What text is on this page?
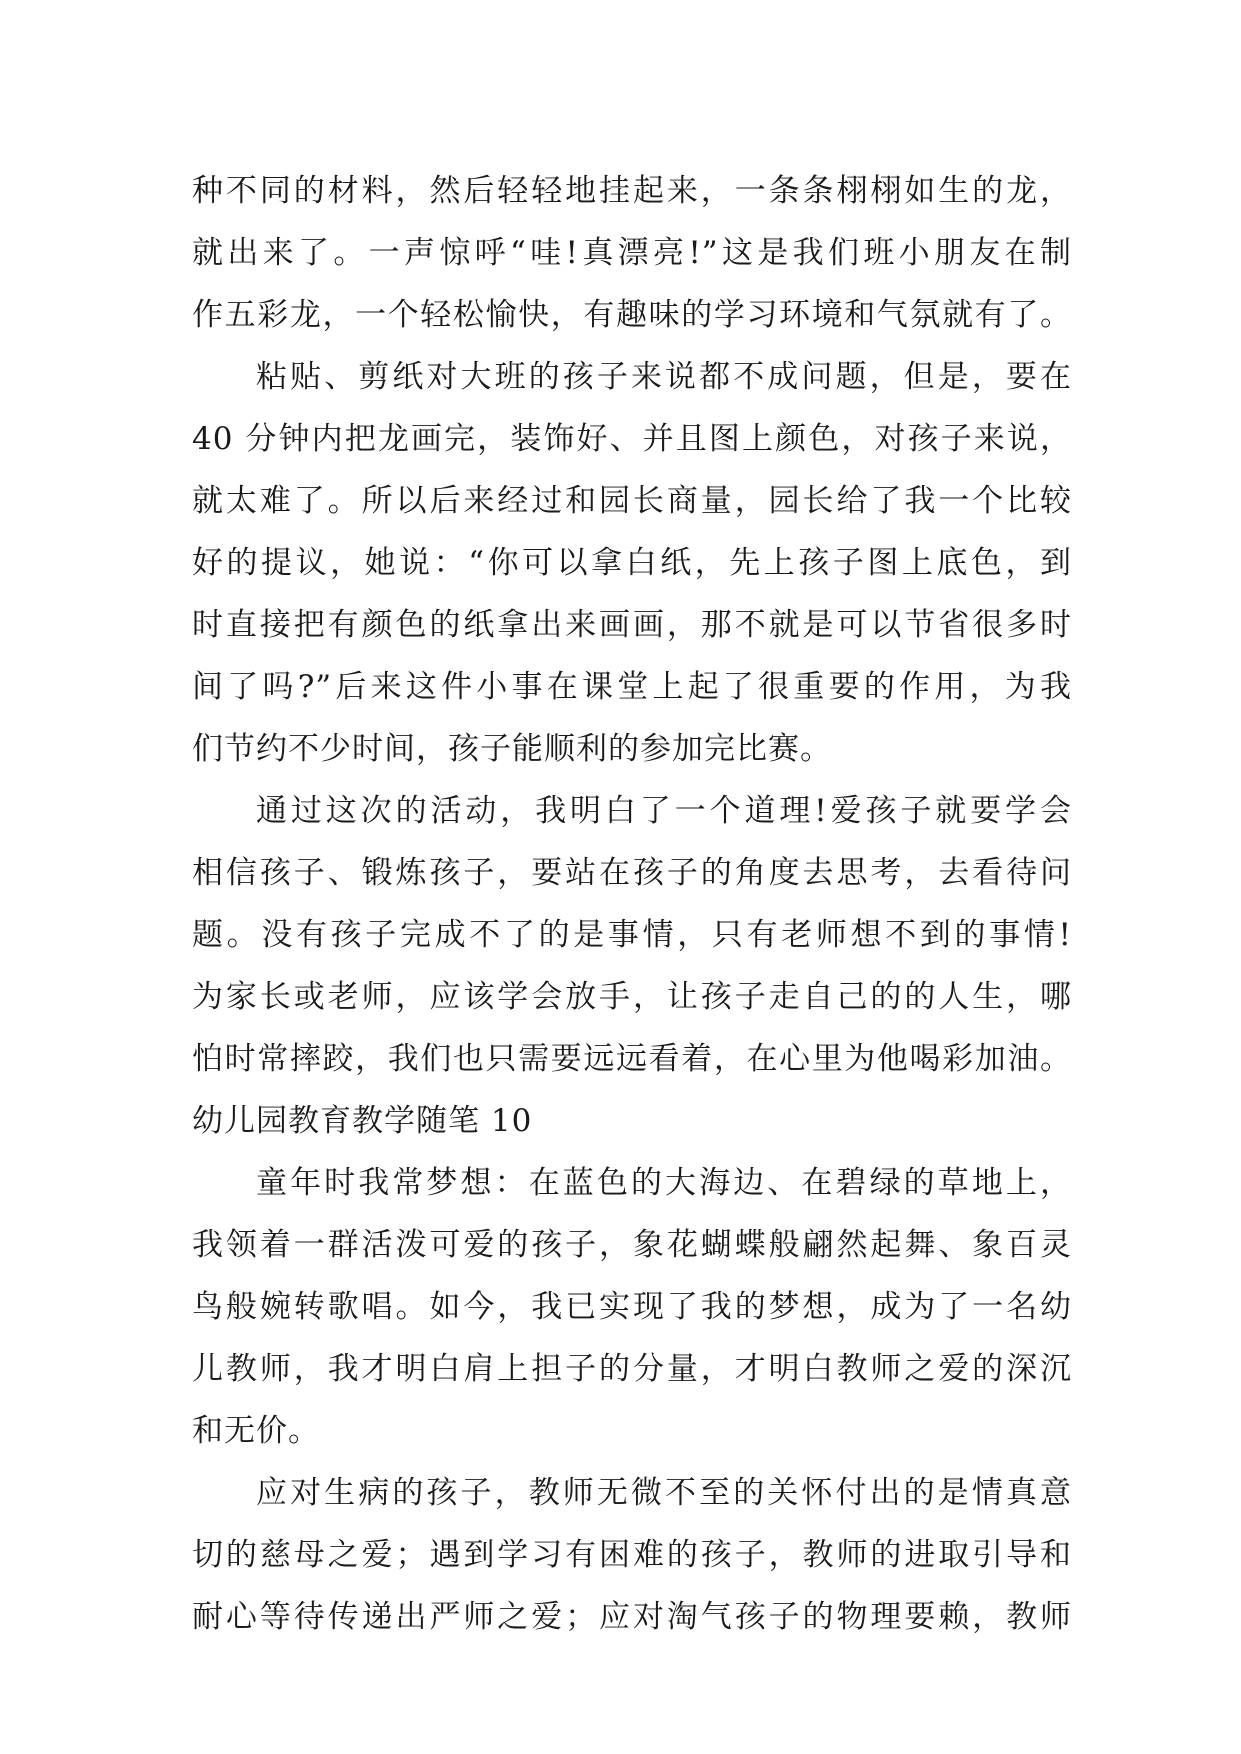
种不同的材料，然后轻轻地挂起来，一条条栩栩如生的龙，
就出来了。一声惊呼“哇!真漂亮!”这是我们班小朋友在制
作五彩龙，一个轻松愉快，有趣味的学习环境和气氛就有了。
粘贴、剪纸对大班的孩子来说都不成问题，但是，要在
40 分钟内把龙画完，装饰好、并且图上颜色，对孩子来说，
就太难了。所以后来经过和园长商量，园长给了我一个比较
好的提议，她说：“你可以拿白纸，先上孩子图上底色，到
时直接把有颜色的纸拿出来画画，那不就是可以节省很多时
间了吗?”后来这件小事在课堂上起了很重要的作用，为我
们节约不少时间，孩子能顺利的参加完比赛。
通过这次的活动，我明白了一个道理!爱孩子就要学会
相信孩子、锻炼孩子，要站在孩子的角度去思考，去看待问
题。没有孩子完成不了的是事情，只有老师想不到的事情!
为家长或老师，应该学会放手，让孩子走自己的的人生，哪
怕时常摔跤，我们也只需要远远看着，在心里为他喝彩加油。
幼儿园教育教学随笔 10
童年时我常梦想：在蓝色的大海边、在碧绿的草地上，
我领着一群活泼可爱的孩子，象花蝴蝶般翩然起舞、象百灵
鸟般婉转歌唱。如今，我已实现了我的梦想，成为了一名幼
儿教师，我才明白肩上担子的分量，才明白教师之爱的深沉
和无价。
应对生病的孩子，教师无微不至的关怀付出的是情真意
切的慈母之爱；遇到学习有困难的孩子，教师的进取引导和
耐心等待传递出严师之爱；应对淘气孩子的物理要赖，教师
